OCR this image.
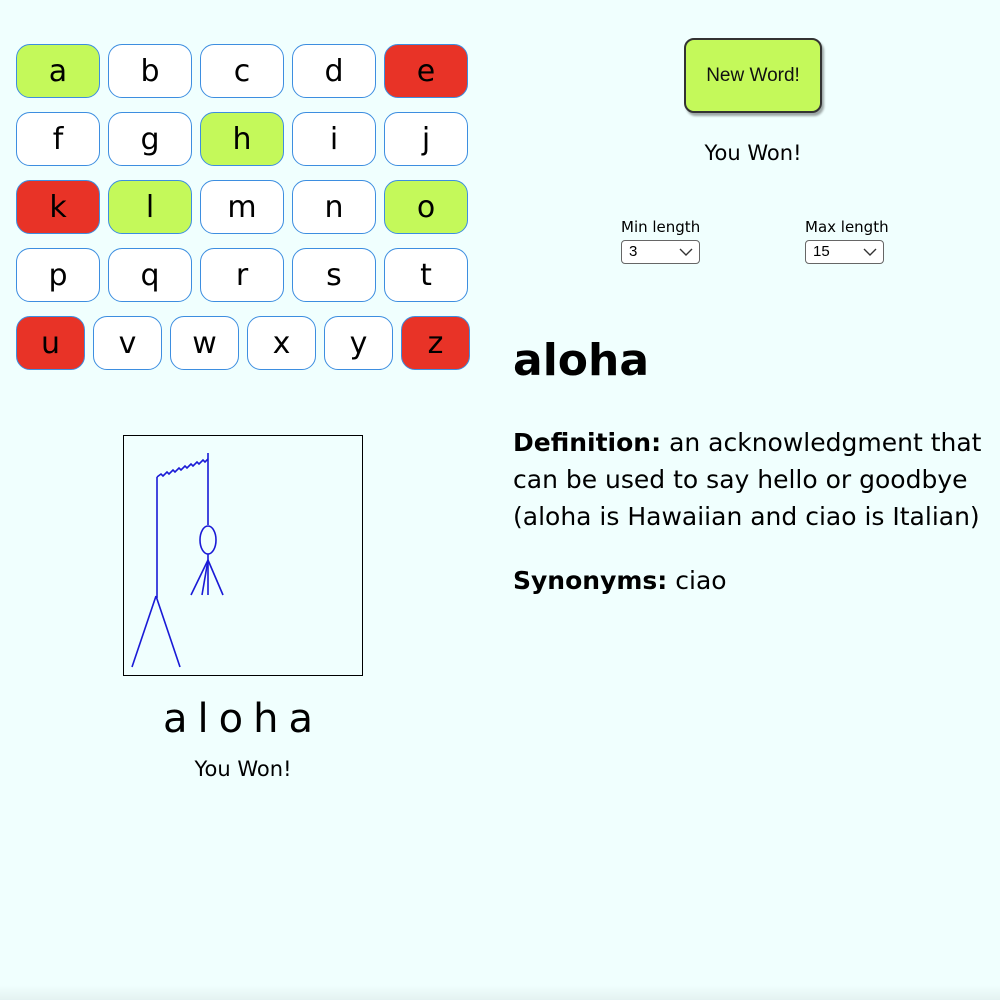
a	b	c	d	e
f	g	h	i	j
k	l	m	n	o
p	q	r	s	t
u	v	w	x	y	z
aloha
You Won!
New Word!
You Won!
Min length
3
Max length
15
aloha
Definition: an acknowledgment that can be used to say hello or goodbye (aloha is Hawaiian and ciao is Italian)
Synonyms: ciao
